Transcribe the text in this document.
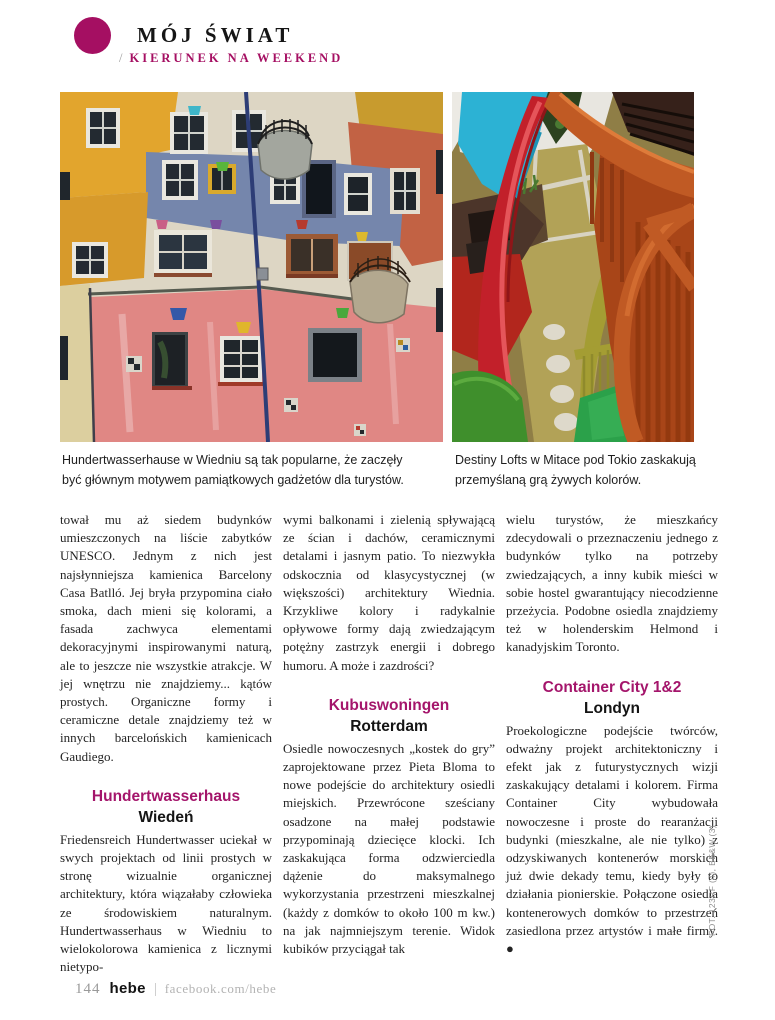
MÓJ ŚWIAT
/ KIERUNEK NA WEEKEND
Hundertwasserhause w Wiedniu są tak popularne, że zaczęły być głównym motywem pamiątkowych gadżetów dla turystów.
Destiny Lofts w Mitace pod Tokio zaskakują przemyślaną grą żywych kolorów.

tował mu aż siedem budynków umieszczonych na liście zabytków UNESCO. Jednym z nich jest najsłynniejsza kamienica Barcelony Casa Batlló. Jej bryła przypomina ciało smoka, dach mieni się kolorami, a fasada zachwyca elementami dekoracyjnymi inspirowanymi naturą, ale to jeszcze nie wszystkie atrakcje. W jej wnętrzu nie znajdziemy... kątów prostych. Organiczne formy i ceramiczne detale znajdziemy też w innych barcelońskich kamienicach Gaudiego.

Hundertwasserhaus
Wiedeń

Friedensreich Hundertwasser uciekał w swych projektach od linii prostych w stronę wizualnie organicznej architektury, która wiązałaby człowieka ze środowiskiem naturalnym. Hundertwasserhaus w Wiedniu to wielokolorowa kamienica z licznymi nietypo-

wymi balkonami i zielenią spływającą ze ścian i dachów, ceramicznymi detalami i jasnym patio. To niezwykła odskocznia od klasycystycznej (w większości) architektury Wiednia. Krzykliwe kolory i radykalnie opływowe formy dają zwiedzającym potężny zastrzyk energii i dobrego humoru. A może i zazdrości?

Kubuswoningen
Rotterdam

Osiedle nowoczesnych „kostek do gry” zaprojektowane przez Pieta Bloma to nowe podejście do architektury osiedli miejskich. Przewrócone sześciany osadzone na małej podstawie przypominają dziecięce klocki. Ich zaskakująca forma odzwierciedla dążenie do maksymalnego wykorzystania przestrzeni mieszkalnej (każdy z domków to około 100 m kw.) na jak najmniejszym terenie. Widok kubików przyciągał tak

wielu turystów, że mieszkańcy zdecydowali o przeznaczeniu jednego z budynków tylko na potrzeby zwiedzających, a inny kubik mieści w sobie hostel gwarantujący niecodzienne przeżycia. Podobne osiedla znajdziemy też w holenderskim Helmond i kanadyjskim Toronto.

Container City 1&2
Londyn

Proekologiczne podejście twórców, odważny projekt architektoniczny i efekt jak z futurystycznych wizji zaskakujący detalami i kolorem. Firma Container City wybudowała nowoczesne i proste do rearanżacji budynki (mieszkalne, ale nie tylko) z odzyskiwanych kontenerów morskich już dwie dekady temu, kiedy były to działania pionierskie. Połączone osiedla kontenerowych domków to przestrzeń zasiedlona przez artystów i małe firmy. ●

FOT. 123RF (4), BE&W (3)
144 hebe facebook.com/hebe
